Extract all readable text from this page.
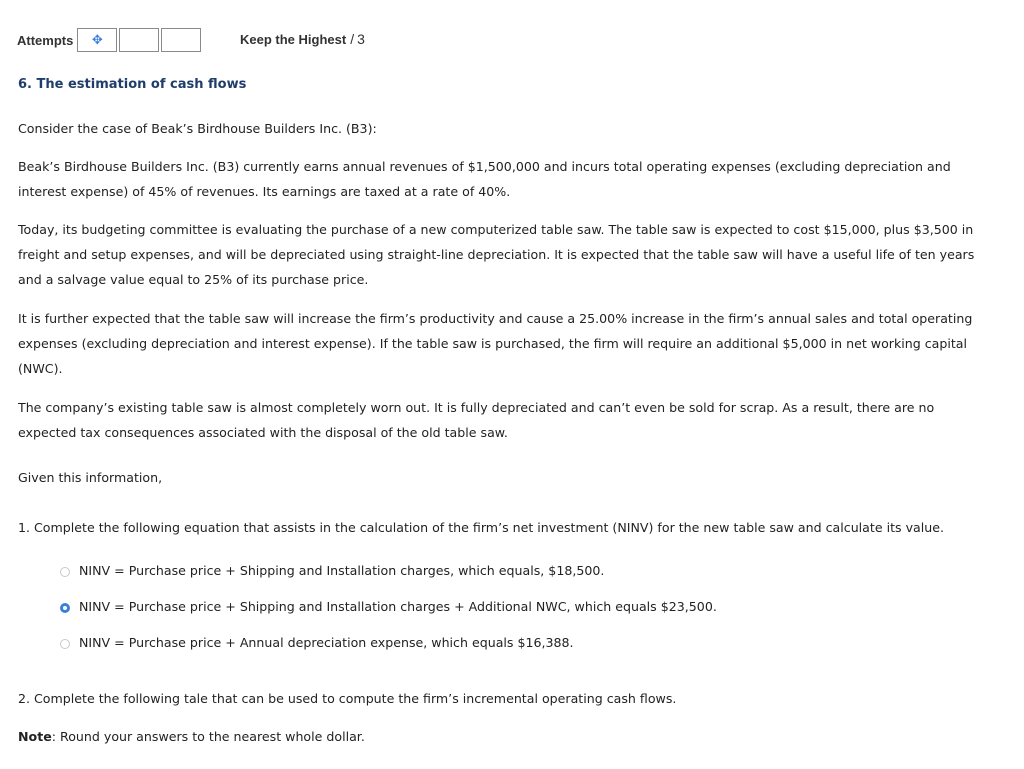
Attempts ✥	Keep the Highest / 3
6. The estimation of cash flows

Consider the case of Beak’s Birdhouse Builders Inc. (B3):

Beak’s Birdhouse Builders Inc. (B3) currently earns annual revenues of $1,500,000 and incurs total operating expenses (excluding depreciation and interest expense) of 45% of revenues. Its earnings are taxed at a rate of 40%.

Today, its budgeting committee is evaluating the purchase of a new computerized table saw. The table saw is expected to cost $15,000, plus $3,500 in freight and setup expenses, and will be depreciated using straight-line depreciation. It is expected that the table saw will have a useful life of ten years and a salvage value equal to 25% of its purchase price.

It is further expected that the table saw will increase the firm’s productivity and cause a 25.00% increase in the firm’s annual sales and total operating expenses (excluding depreciation and interest expense). If the table saw is purchased, the firm will require an additional $5,000 in net working capital (NWC).

The company’s existing table saw is almost completely worn out. It is fully depreciated and can’t even be sold for scrap. As a result, there are no expected tax consequences associated with the disposal of the old table saw.

Given this information,

1. Complete the following equation that assists in the calculation of the firm’s net investment (NINV) for the new table saw and calculate its value.

NINV = Purchase price + Shipping and Installation charges, which equals, $18,500.
NINV = Purchase price + Shipping and Installation charges + Additional NWC, which equals $23,500.
NINV = Purchase price + Annual depreciation expense, which equals $16,388.

2. Complete the following tale that can be used to compute the firm’s incremental operating cash flows.

Note: Round your answers to the nearest whole dollar.
